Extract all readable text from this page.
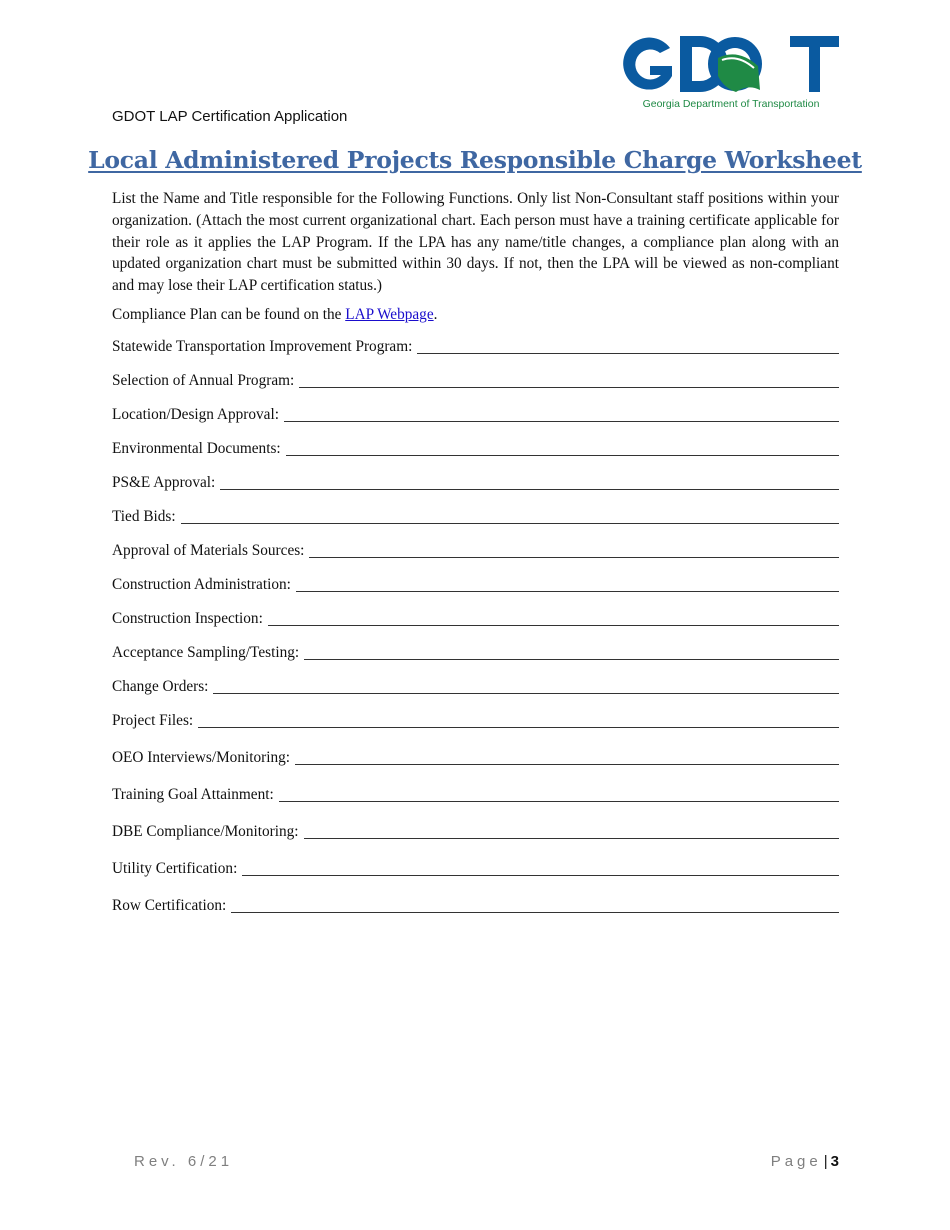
Georgia Department of Transportation
GDOT LAP Certification Application
Local Administered Projects Responsible Charge Worksheet
List the Name and Title responsible for the Following Functions. Only list Non-Consultant staff positions within your organization. (Attach the most current organizational chart. Each person must have a training certificate applicable for their role as it applies the LAP Program. If the LPA has any name/title changes, a compliance plan along with an updated organization chart must be submitted within 30 days. If not, then the LPA will be viewed as non-compliant and may lose their LAP certification status.)
Compliance Plan can be found on the LAP Webpage.
Statewide Transportation Improvement Program:
Selection of Annual Program:
Location/Design Approval:
Environmental Documents:
PS&E Approval:
Tied Bids:
Approval of Materials Sources:
Construction Administration:
Construction Inspection:
Acceptance Sampling/Testing:
Change Orders:
Project Files:
OEO Interviews/Monitoring:
Training Goal Attainment:
DBE Compliance/Monitoring:
Utility Certification:
Row Certification:
Rev. 6/21	Page | 3
